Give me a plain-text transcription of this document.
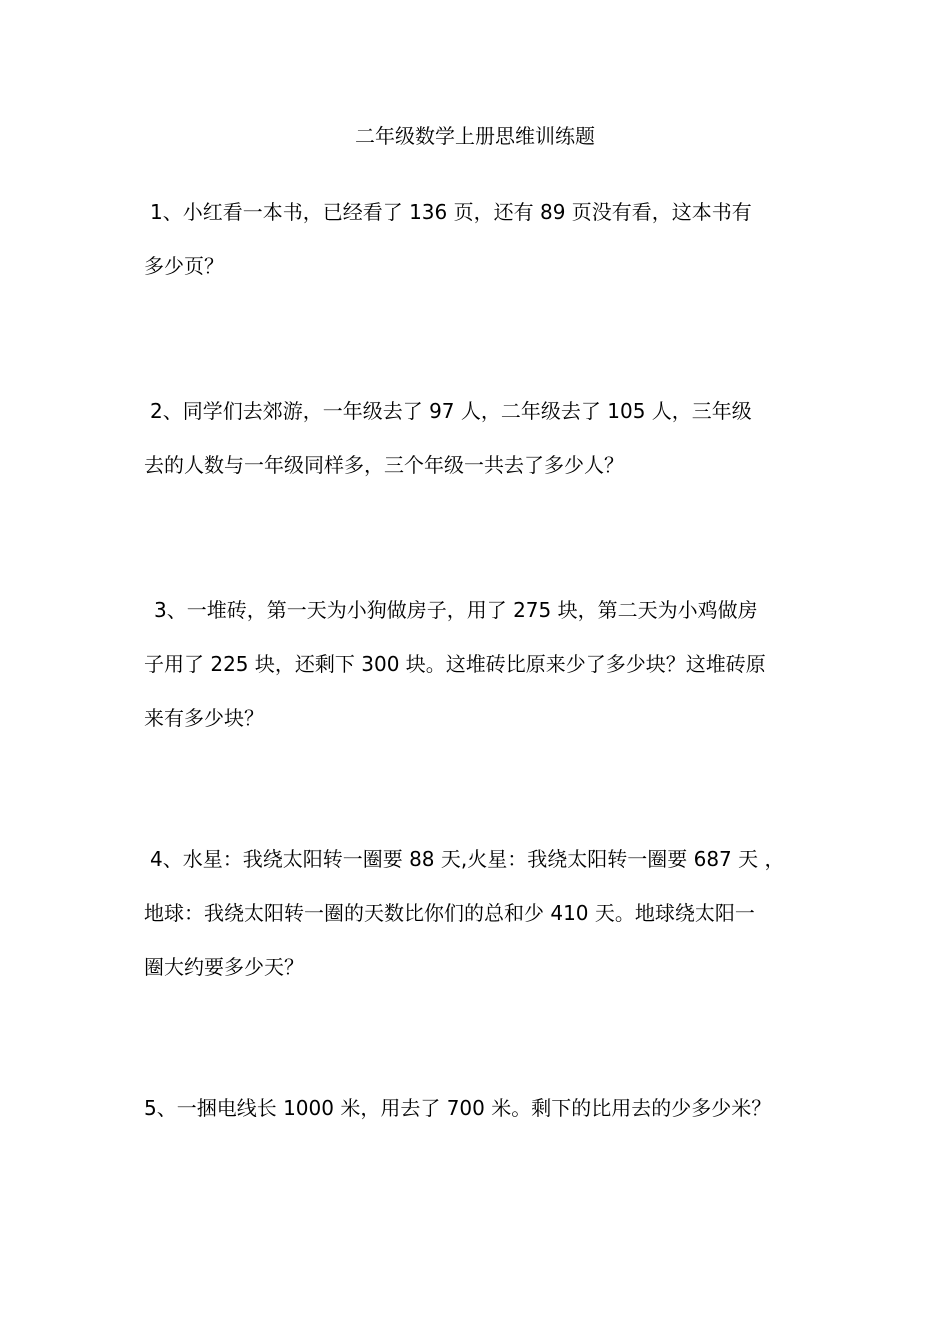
二年级数学上册思维训练题
1、小红看一本书，已经看了 136 页，还有 89 页没有看，这本书有
多少页？
2、同学们去郊游，一年级去了 97 人，二年级去了 105 人，三年级
去的人数与一年级同样多，三个年级一共去了多少人？
3、一堆砖，第一天为小狗做房子，用了 275 块，第二天为小鸡做房
子用了 225 块，还剩下 300 块。这堆砖比原来少了多少块？这堆砖原
来有多少块？
4、水星：我绕太阳转一圈要 88 天,火星：我绕太阳转一圈要 687 天 ，
地球：我绕太阳转一圈的天数比你们的总和少 410 天。地球绕太阳一
圈大约要多少天？
5、一捆电线长 1000 米，用去了 700 米。剩下的比用去的少多少米？
